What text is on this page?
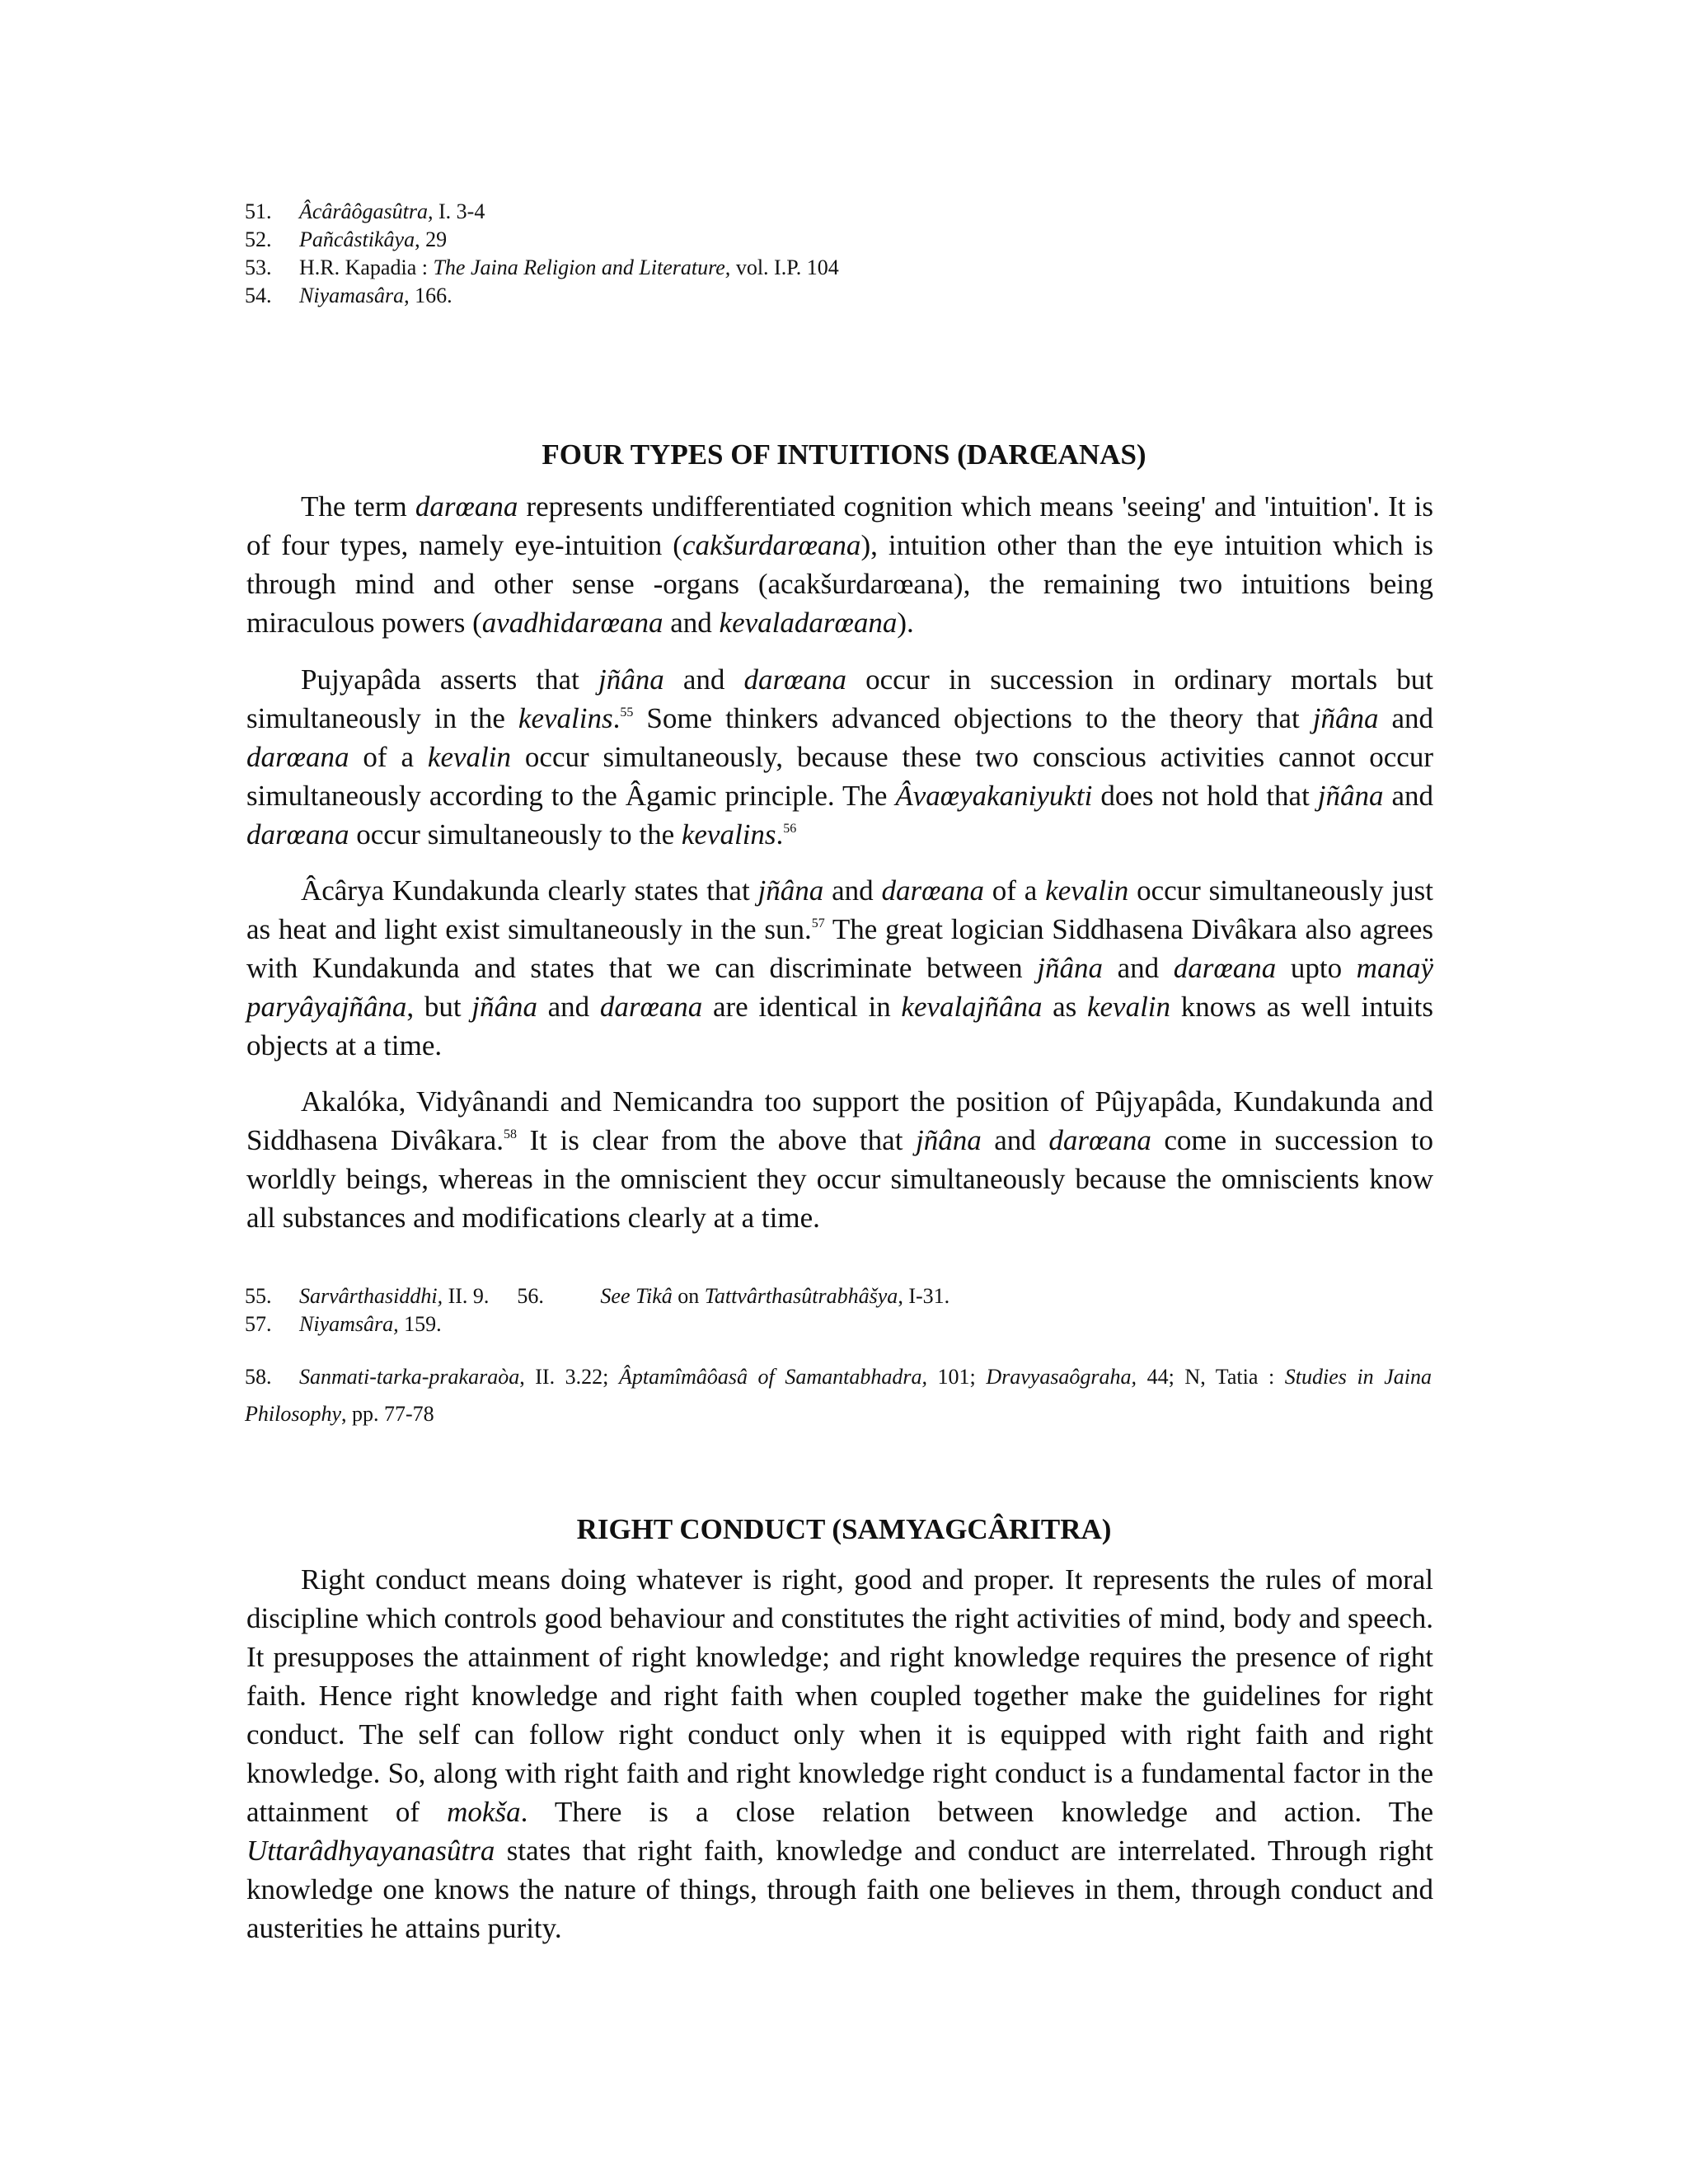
51.	Âcârâôgasûtra, I. 3-4
52.	Pañcâstikâya, 29
53.	H.R. Kapadia : The Jaina Religion and Literature, vol. I.P. 104
54.	Niyamasâra, 166.
FOUR TYPES OF INTUITIONS (DARŒANAS)

The term darœana represents undifferentiated cognition which means 'seeing' and 'intuition'. It is of four types, namely eye-intuition (cakšurdarœana), intuition other than the eye intuition which is through mind and other sense -organs (acakšurdarœana), the remaining two intuitions being miraculous powers (avadhidarœana and kevaladarœana).

Pujyapâda asserts that jñâna and darœana occur in succession in ordinary mortals but simultaneously in the kevalins.$^{55}$ Some thinkers advanced objections to the theory that jñâna and darœana of a kevalin occur simultaneously, because these two conscious activities cannot occur simultaneously according to the Âgamic principle. The Âvaœyakaniyukti does not hold that jñâna and darœana occur simultaneously to the kevalins.$^{56}$

Âcârya Kundakunda clearly states that jñâna and darœana of a kevalin occur simultaneously just as heat and light exist simultaneously in the sun.$^{57}$ The great logician Siddhasena Divâkara also agrees with Kundakunda and states that we can discriminate between jñâna and darœana upto manaÿ paryâyajñâna, but jñâna and darœana are identical in kevalajñâna as kevalin knows as well intuits objects at a time.

Akalóka, Vidyânandi and Nemicandra too support the position of Pûjyapâda, Kundakunda and Siddhasena Divâkara.$^{58}$ It is clear from the above that jñâna and darœana come in succession to worldly beings, whereas in the omniscient they occur simultaneously because the omniscients know all substances and modifications clearly at a time.

55. Sarvârthasiddhi, II. 9. 56.	See Tikâ on Tattvârthasûtrabhâšya, I-31.
57. Niyamsâra, 159.

58. Sanmati-tarka-prakaraòa, II. 3.22; Âptamîmâôasâ of Samantabhadra, 101; Dravyasaôgraha, 44; N, Tatia : Studies in Jaina Philosophy, pp. 77-78

RIGHT CONDUCT (SAMYAGCÂRITRA)

Right conduct means doing whatever is right, good and proper. It represents the rules of moral discipline which controls good behaviour and constitutes the right activities of mind, body and speech. It presupposes the attainment of right knowledge; and right knowledge requires the presence of right faith. Hence right knowledge and right faith when coupled together make the guidelines for right conduct. The self can follow right conduct only when it is equipped with right faith and right knowledge. So, along with right faith and right knowledge right conduct is a fundamental factor in the attainment of mokša. There is a close relation between knowledge and action. The Uttarâdhyayanasûtra states that right faith, knowledge and conduct are interrelated. Through right knowledge one knows the nature of things, through faith one believes in them, through conduct and austerities he attains purity.
